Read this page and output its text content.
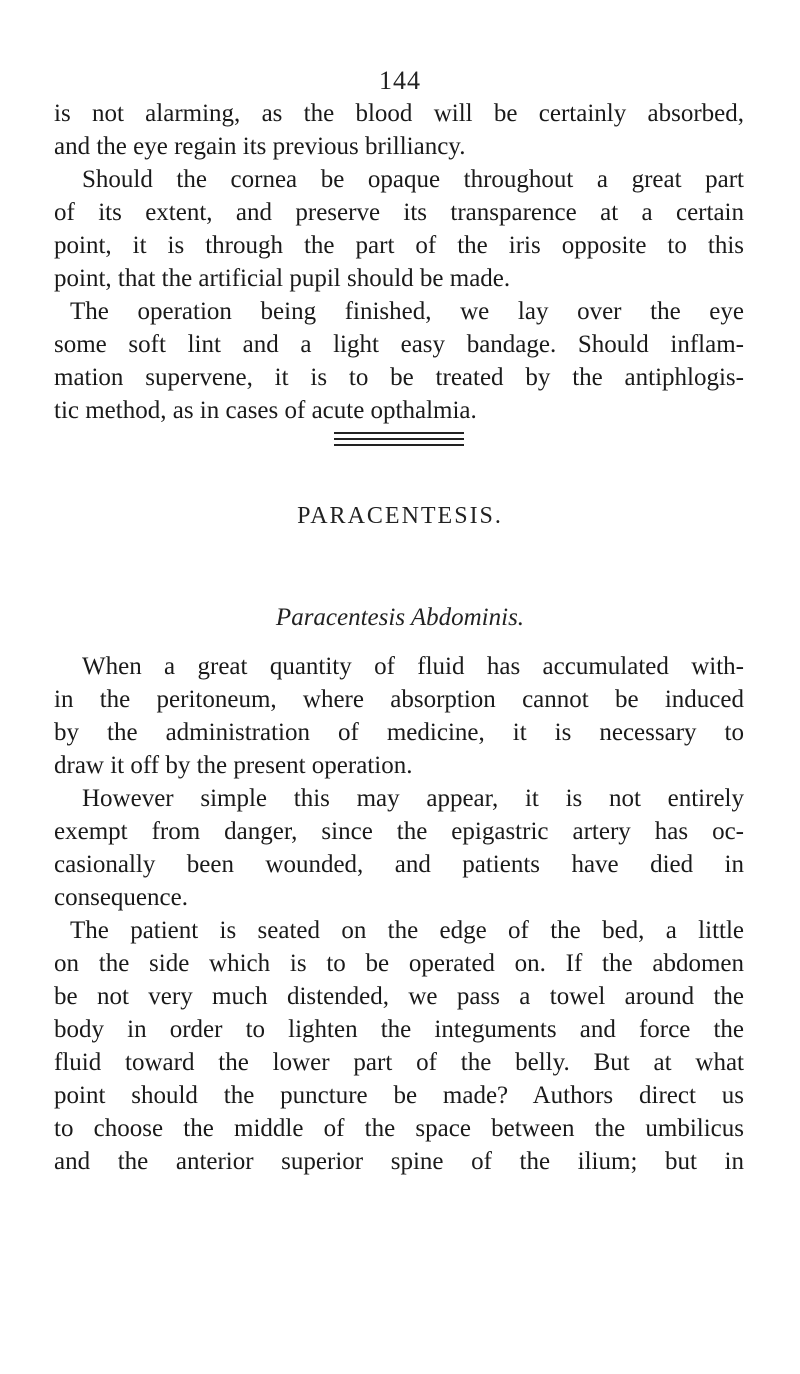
144
is not alarming, as the blood will be certainly absorbed,
and the eye regain its previous brilliancy.
Should the cornea be opaque throughout a great part
of its extent, and preserve its transparence at a certain
point, it is through the part of the iris opposite to this
point, that the artificial pupil should be made.
The operation being finished, we lay over the eye
some soft lint and a light easy bandage. Should inflam-
mation supervene, it is to be treated by the antiphlogis-
tic method, as in cases of acute opthalmia.
PARACENTESIS.
Paracentesis Abdominis.
When a great quantity of fluid has accumulated with-
in the peritoneum, where absorption cannot be induced
by the administration of medicine, it is necessary to
draw it off by the present operation.
However simple this may appear, it is not entirely
exempt from danger, since the epigastric artery has oc-
casionally been wounded, and patients have died in
consequence.
The patient is seated on the edge of the bed, a little
on the side which is to be operated on. If the abdomen
be not very much distended, we pass a towel around the
body in order to lighten the integuments and force the
fluid toward the lower part of the belly. But at what
point should the puncture be made? Authors direct us
to choose the middle of the space between the umbilicus
and the anterior superior spine of the ilium; but in
